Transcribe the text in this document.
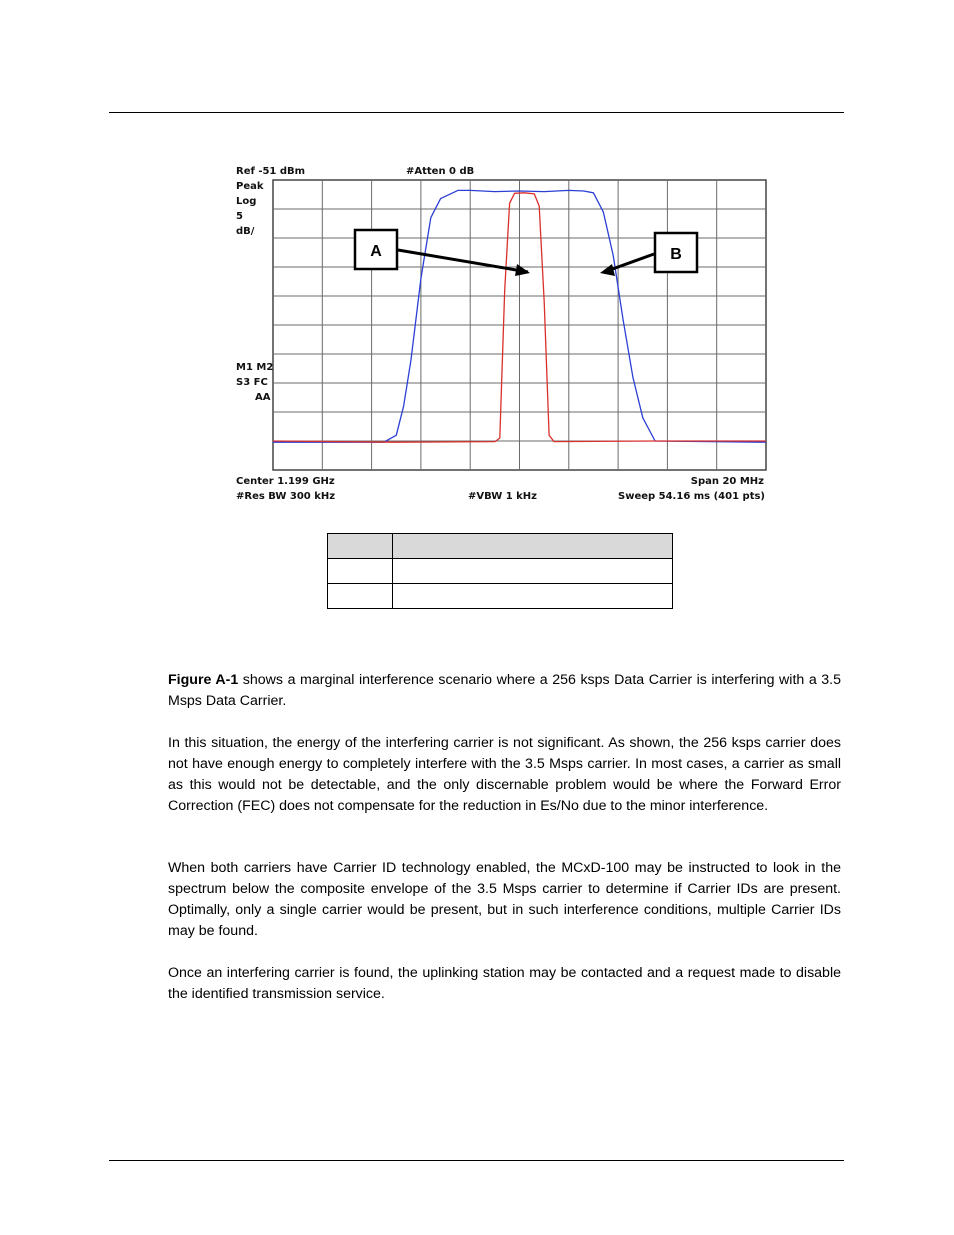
A	B
Ref -51 dBm	#Atten 0 dB
Peak
Log
5
dB/
M1 M2
S3 FC
AA
Center 1.199 GHz	Span 20 MHz
#Res BW 300 kHz	#VBW 1 kHz	Sweep 54.16 ms (401 pts)

Figure A-1 shows a marginal interference scenario where a 256 ksps Data Carrier is interfering with a 3.5 Msps Data Carrier.

In this situation, the energy of the interfering carrier is not significant. As shown, the 256 ksps carrier does not have enough energy to completely interfere with the 3.5 Msps carrier. In most cases, a carrier as small as this would not be detectable, and the only discernable problem would be where the Forward Error Correction (FEC) does not compensate for the reduction in Es/No due to the minor interference.

When both carriers have Carrier ID technology enabled, the MCxD-100 may be instructed to look in the spectrum below the composite envelope of the 3.5 Msps carrier to determine if Carrier IDs are present. Optimally, only a single carrier would be present, but in such interference conditions, multiple Carrier IDs may be found.

Once an interfering carrier is found, the uplinking station may be contacted and a request made to disable the identified transmission service.
